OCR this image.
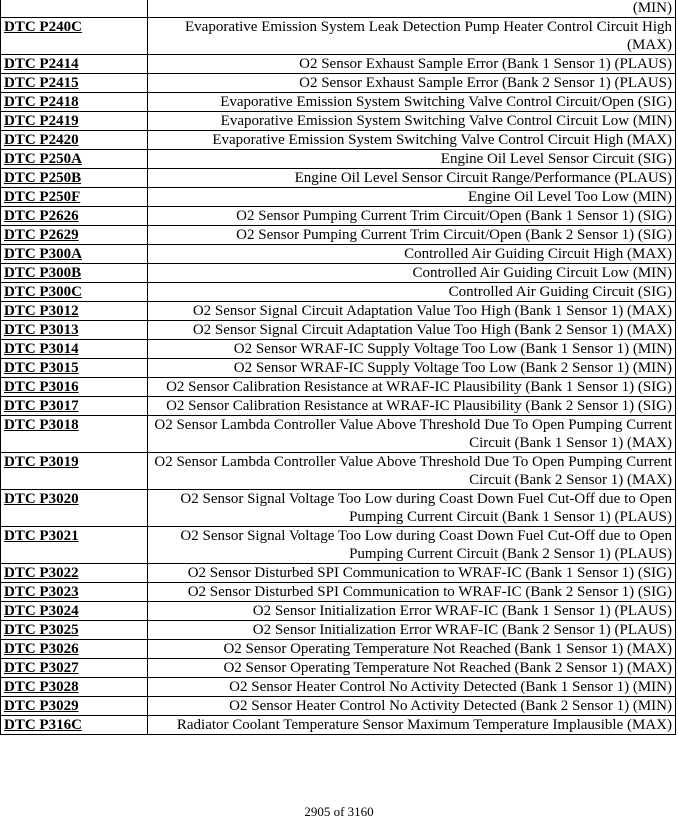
	(MIN)
DTC P240C	Evaporative Emission System Leak Detection Pump Heater Control Circuit High (MAX)
DTC P2414	O2 Sensor Exhaust Sample Error (Bank 1 Sensor 1) (PLAUS)
DTC P2415	O2 Sensor Exhaust Sample Error (Bank 2 Sensor 1) (PLAUS)
DTC P2418	Evaporative Emission System Switching Valve Control Circuit/Open (SIG)
DTC P2419	Evaporative Emission System Switching Valve Control Circuit Low (MIN)
DTC P2420	Evaporative Emission System Switching Valve Control Circuit High (MAX)
DTC P250A	Engine Oil Level Sensor Circuit (SIG)
DTC P250B	Engine Oil Level Sensor Circuit Range/Performance (PLAUS)
DTC P250F	Engine Oil Level Too Low (MIN)
DTC P2626	O2 Sensor Pumping Current Trim Circuit/Open (Bank 1 Sensor 1) (SIG)
DTC P2629	O2 Sensor Pumping Current Trim Circuit/Open (Bank 2 Sensor 1) (SIG)
DTC P300A	Controlled Air Guiding Circuit High (MAX)
DTC P300B	Controlled Air Guiding Circuit Low (MIN)
DTC P300C	Controlled Air Guiding Circuit (SIG)
DTC P3012	O2 Sensor Signal Circuit Adaptation Value Too High (Bank 1 Sensor 1) (MAX)
DTC P3013	O2 Sensor Signal Circuit Adaptation Value Too High (Bank 2 Sensor 1) (MAX)
DTC P3014	O2 Sensor WRAF-IC Supply Voltage Too Low (Bank 1 Sensor 1) (MIN)
DTC P3015	O2 Sensor WRAF-IC Supply Voltage Too Low (Bank 2 Sensor 1) (MIN)
DTC P3016	O2 Sensor Calibration Resistance at WRAF-IC Plausibility (Bank 1 Sensor 1) (SIG)
DTC P3017	O2 Sensor Calibration Resistance at WRAF-IC Plausibility (Bank 2 Sensor 1) (SIG)
DTC P3018	O2 Sensor Lambda Controller Value Above Threshold Due To Open Pumping Current Circuit (Bank 1 Sensor 1) (MAX)
DTC P3019	O2 Sensor Lambda Controller Value Above Threshold Due To Open Pumping Current Circuit (Bank 2 Sensor 1) (MAX)
DTC P3020	O2 Sensor Signal Voltage Too Low during Coast Down Fuel Cut-Off due to Open Pumping Current Circuit (Bank 1 Sensor 1) (PLAUS)
DTC P3021	O2 Sensor Signal Voltage Too Low during Coast Down Fuel Cut-Off due to Open Pumping Current Circuit (Bank 2 Sensor 1) (PLAUS)
DTC P3022	O2 Sensor Disturbed SPI Communication to WRAF-IC (Bank 1 Sensor 1) (SIG)
DTC P3023	O2 Sensor Disturbed SPI Communication to WRAF-IC (Bank 2 Sensor 1) (SIG)
DTC P3024	O2 Sensor Initialization Error WRAF-IC (Bank 1 Sensor 1) (PLAUS)
DTC P3025	O2 Sensor Initialization Error WRAF-IC (Bank 2 Sensor 1) (PLAUS)
DTC P3026	O2 Sensor Operating Temperature Not Reached (Bank 1 Sensor 1) (MAX)
DTC P3027	O2 Sensor Operating Temperature Not Reached (Bank 2 Sensor 1) (MAX)
DTC P3028	O2 Sensor Heater Control No Activity Detected (Bank 1 Sensor 1) (MIN)
DTC P3029	O2 Sensor Heater Control No Activity Detected (Bank 2 Sensor 1) (MIN)
DTC P316C	Radiator Coolant Temperature Sensor Maximum Temperature Implausible (MAX)
2905 of 3160
